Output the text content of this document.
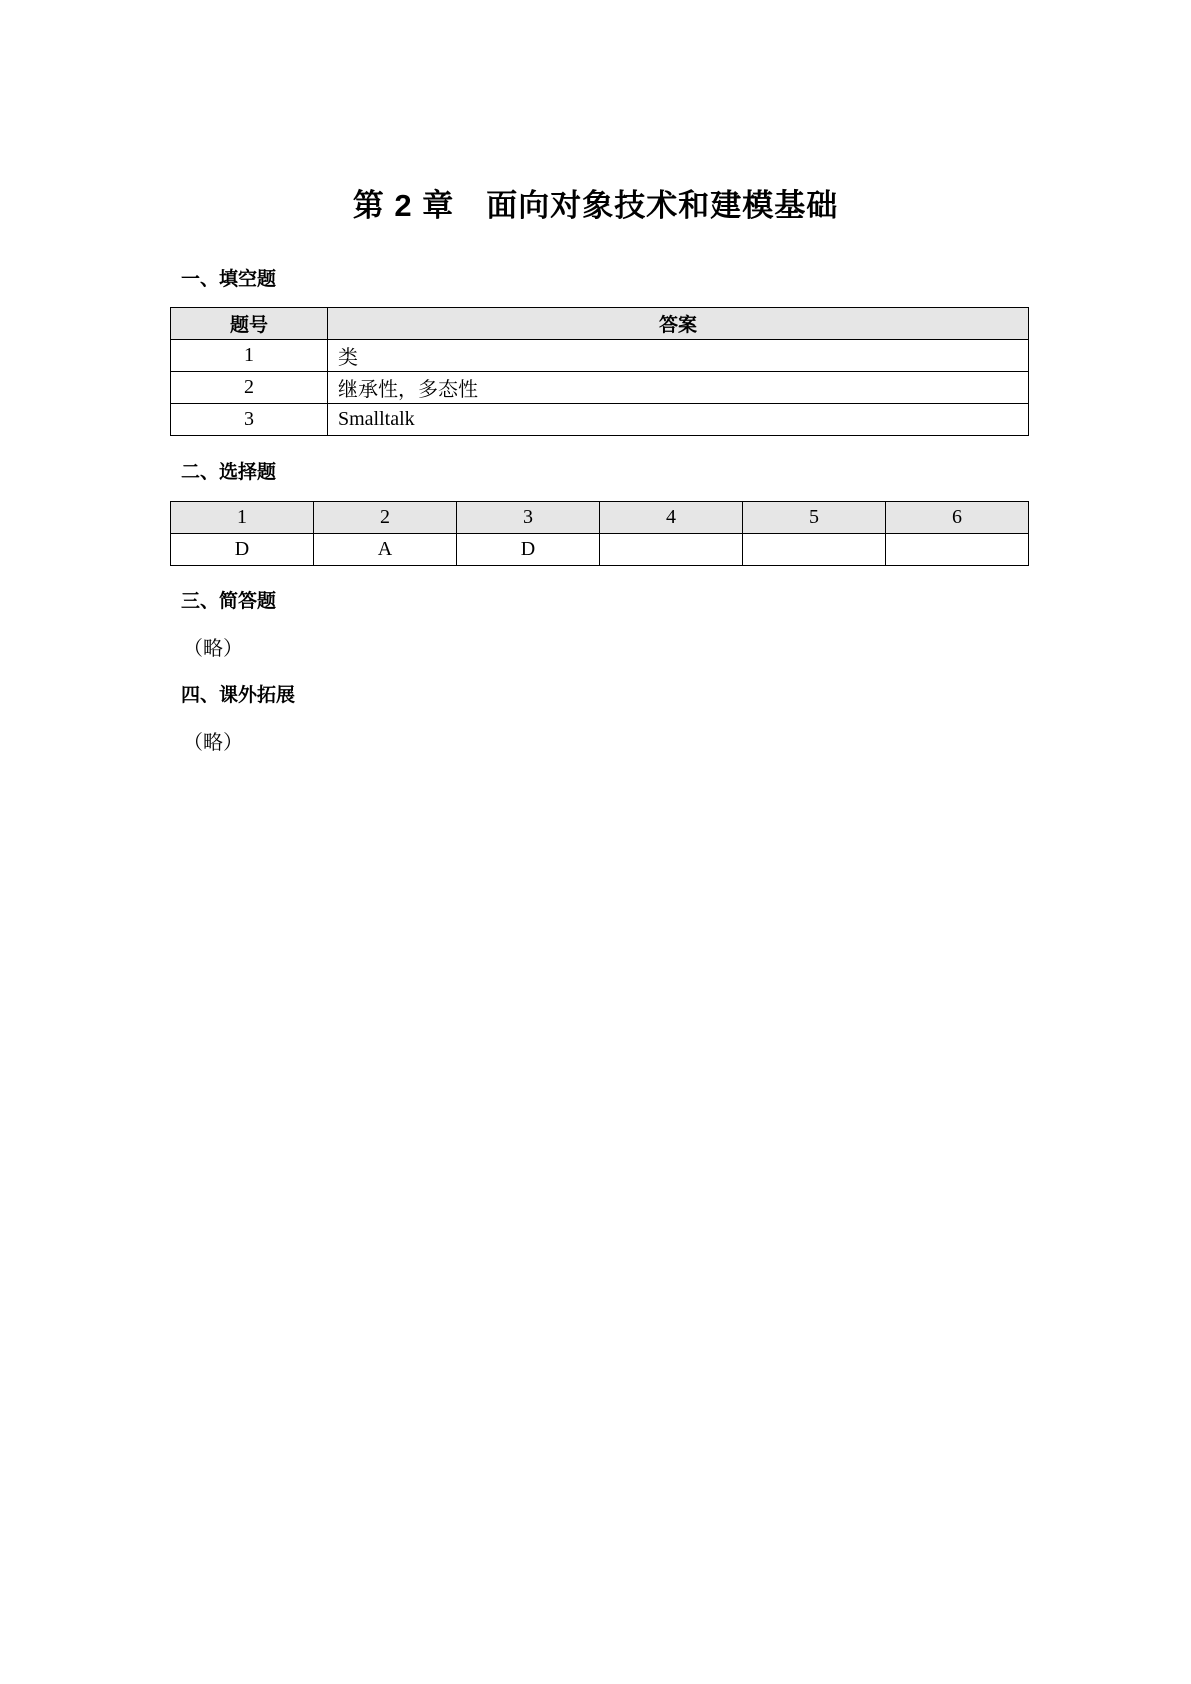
第 2 章　面向对象技术和建模基础
一、填空题
题号	答案
1	类
2	继承性，多态性
3	Smalltalk
二、选择题
1	2	3	4	5	6
D	A	D			
三、简答题
（略）
四、课外拓展
（略）
